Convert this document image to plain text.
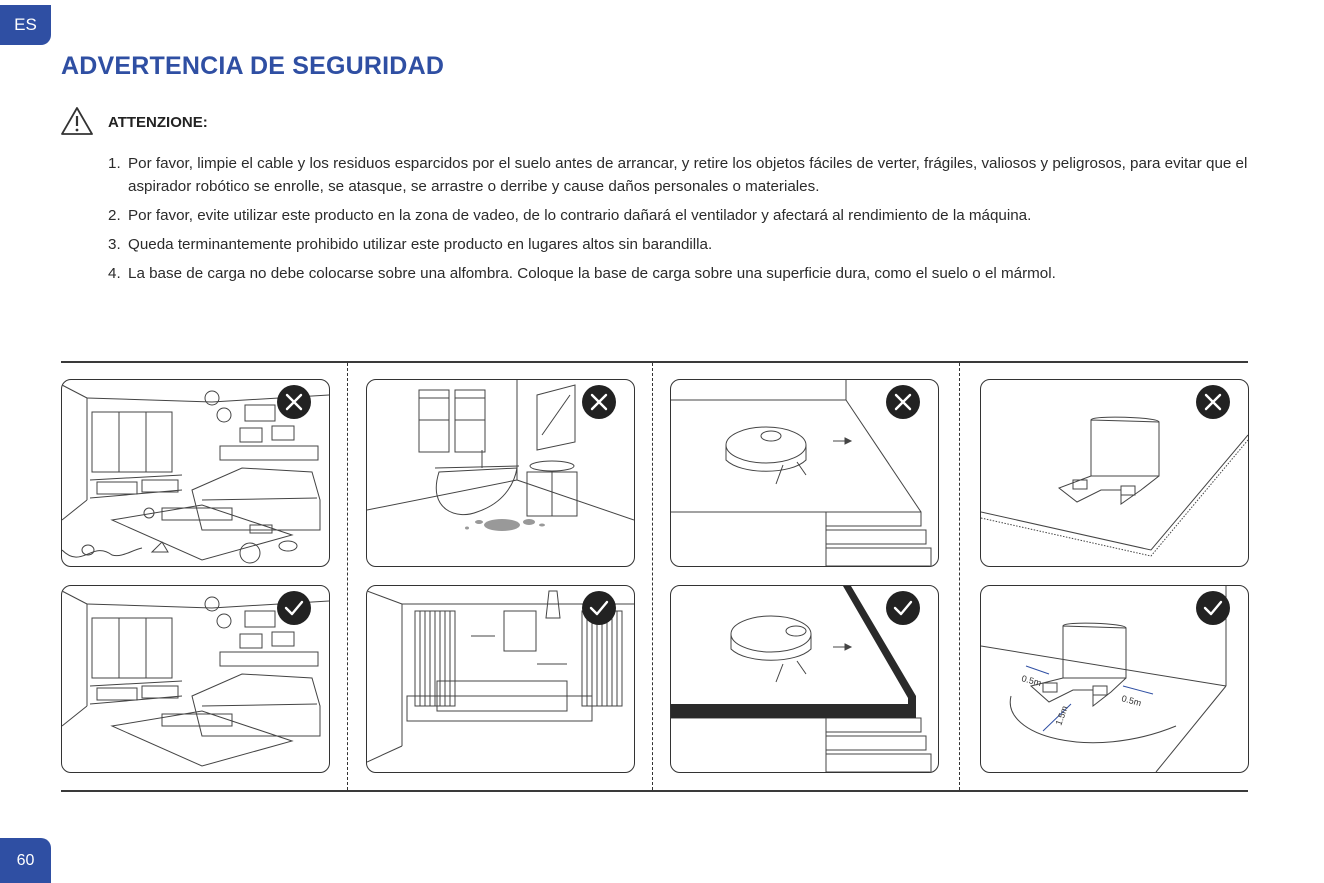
ES
ADVERTENCIA DE SEGURIDAD
ATTENZIONE:
1. Por favor, limpie el cable y los residuos esparcidos por el suelo antes de arrancar, y retire los objetos fáciles de verter, frágiles, valiosos y peligrosos, para evitar que el aspirador robótico se enrolle, se atasque, se arrastre o derribe y cause daños personales o materiales.
2. Por favor, evite utilizar este producto en la zona de vadeo, de lo contrario dañará el ventilador y afectará al rendimiento de la máquina.
3. Queda terminantemente prohibido utilizar este producto en lugares altos sin barandilla.
4. La base de carga no debe colocarse sobre una alfombra. Coloque la base de carga sobre una superficie dura, como el suelo o el mármol.
0.5m
0.5m
1.5m
60
